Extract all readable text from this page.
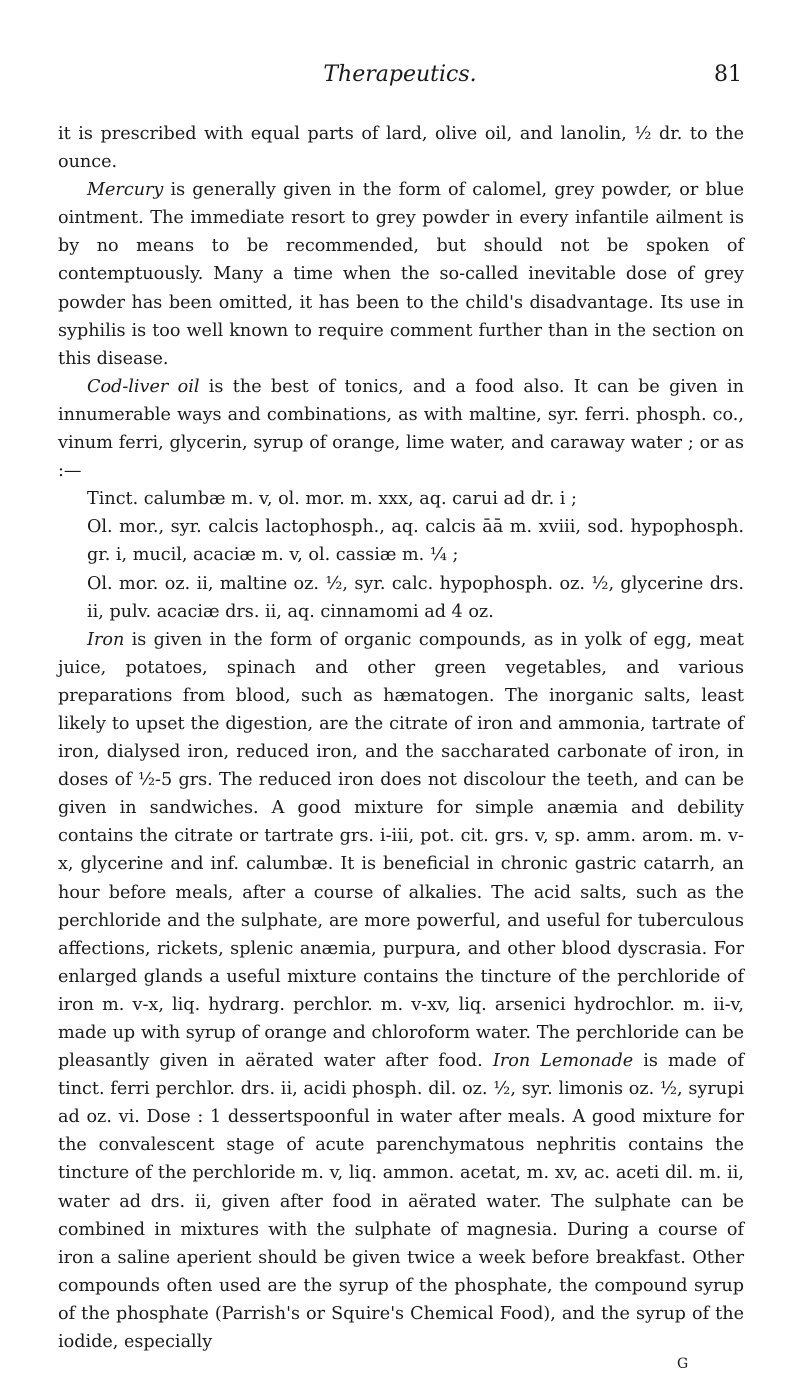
Therapeutics.	81

it is prescribed with equal parts of lard, olive oil, and lanolin, ½ dr. to the ounce.

Mercury is generally given in the form of calomel, grey powder, or blue ointment. The immediate resort to grey powder in every infantile ailment is by no means to be recommended, but should not be spoken of contemptuously. Many a time when the so-called inevitable dose of grey powder has been omitted, it has been to the child's disadvantage. Its use in syphilis is too well known to require comment further than in the section on this disease.

Cod-liver oil is the best of tonics, and a food also. It can be given in innumerable ways and combinations, as with maltine, syr. ferri. phosph. co., vinum ferri, glycerin, syrup of orange, lime water, and caraway water ; or as :—

Tinct. calumbæ m. v, ol. mor. m. xxx, aq. carui ad dr. i ;

Ol. mor., syr. calcis lactophosph., aq. calcis āā m. xviii, sod. hypophosph. gr. i, mucil, acaciæ m. v, ol. cassiæ m. ¼ ;

Ol. mor. oz. ii, maltine oz. ½, syr. calc. hypophosph. oz. ½, glycerine drs. ii, pulv. acaciæ drs. ii, aq. cinnamomi ad 4 oz.

Iron is given in the form of organic compounds, as in yolk of egg, meat juice, potatoes, spinach and other green vegetables, and various preparations from blood, such as hæmatogen. The inorganic salts, least likely to upset the digestion, are the citrate of iron and ammonia, tartrate of iron, dialysed iron, reduced iron, and the saccharated carbonate of iron, in doses of ½-5 grs. The reduced iron does not discolour the teeth, and can be given in sandwiches. A good mixture for simple anæmia and debility contains the citrate or tartrate grs. i-iii, pot. cit. grs. v, sp. amm. arom. m. v-x, glycerine and inf. calumbæ. It is beneficial in chronic gastric catarrh, an hour before meals, after a course of alkalies. The acid salts, such as the perchloride and the sulphate, are more powerful, and useful for tuberculous affections, rickets, splenic anæmia, purpura, and other blood dyscrasia. For enlarged glands a useful mixture contains the tincture of the perchloride of iron m. v-x, liq. hydrarg. perchlor. m. v-xv, liq. arsenici hydrochlor. m. ii-v, made up with syrup of orange and chloroform water. The perchloride can be pleasantly given in aërated water after food. Iron Lemonade is made of tinct. ferri perchlor. drs. ii, acidi phosph. dil. oz. ½, syr. limonis oz. ½, syrupi ad oz. vi. Dose : 1 dessertspoonful in water after meals. A good mixture for the convalescent stage of acute parenchymatous nephritis contains the tincture of the perchloride m. v, liq. ammon. acetat, m. xv, ac. aceti dil. m. ii, water ad drs. ii, given after food in aërated water. The sulphate can be combined in mixtures with the sulphate of magnesia. During a course of iron a saline aperient should be given twice a week before breakfast. Other compounds often used are the syrup of the phosphate, the compound syrup of the phosphate (Parrish's or Squire's Chemical Food), and the syrup of the iodide, especially

G
